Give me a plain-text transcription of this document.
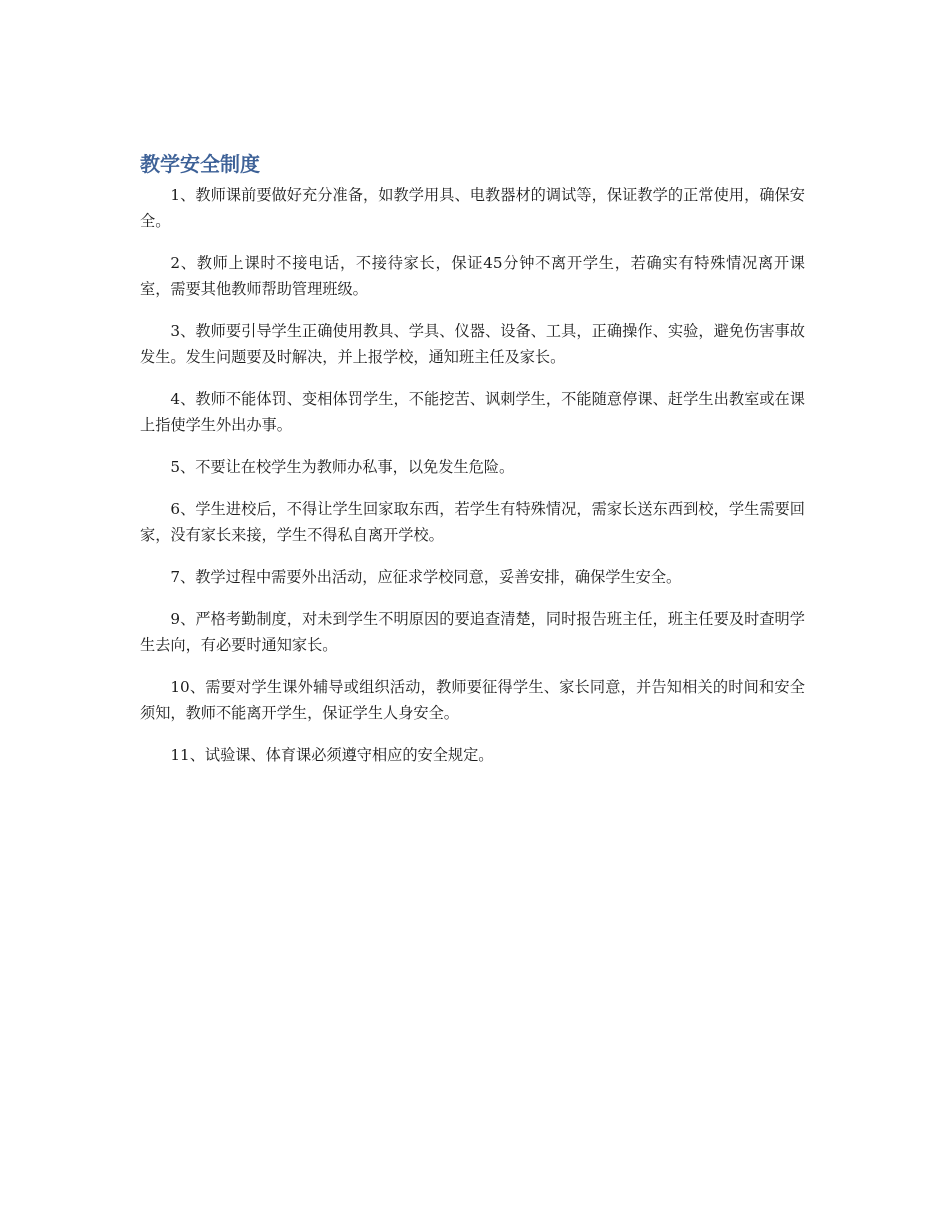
教学安全制度

1、教师课前要做好充分准备，如教学用具、电教器材的调试等，保证教学的正常使用，确保安全。

2、教师上课时不接电话，不接待家长，保证45分钟不离开学生，若确实有特殊情况离开课室，需要其他教师帮助管理班级。

3、教师要引导学生正确使用教具、学具、仪器、设备、工具，正确操作、实验，避免伤害事故发生。发生问题要及时解决，并上报学校，通知班主任及家长。

4、教师不能体罚、变相体罚学生，不能挖苦、讽刺学生，不能随意停课、赶学生出教室或在课上指使学生外出办事。

5、不要让在校学生为教师办私事，以免发生危险。

6、学生进校后，不得让学生回家取东西，若学生有特殊情况，需家长送东西到校，学生需要回家，没有家长来接，学生不得私自离开学校。

7、教学过程中需要外出活动，应征求学校同意，妥善安排，确保学生安全。

9、严格考勤制度，对未到学生不明原因的要追查清楚，同时报告班主任，班主任要及时查明学生去向，有必要时通知家长。

10、需要对学生课外辅导或组织活动，教师要征得学生、家长同意，并告知相关的时间和安全须知，教师不能离开学生，保证学生人身安全。

11、试验课、体育课必须遵守相应的安全规定。
